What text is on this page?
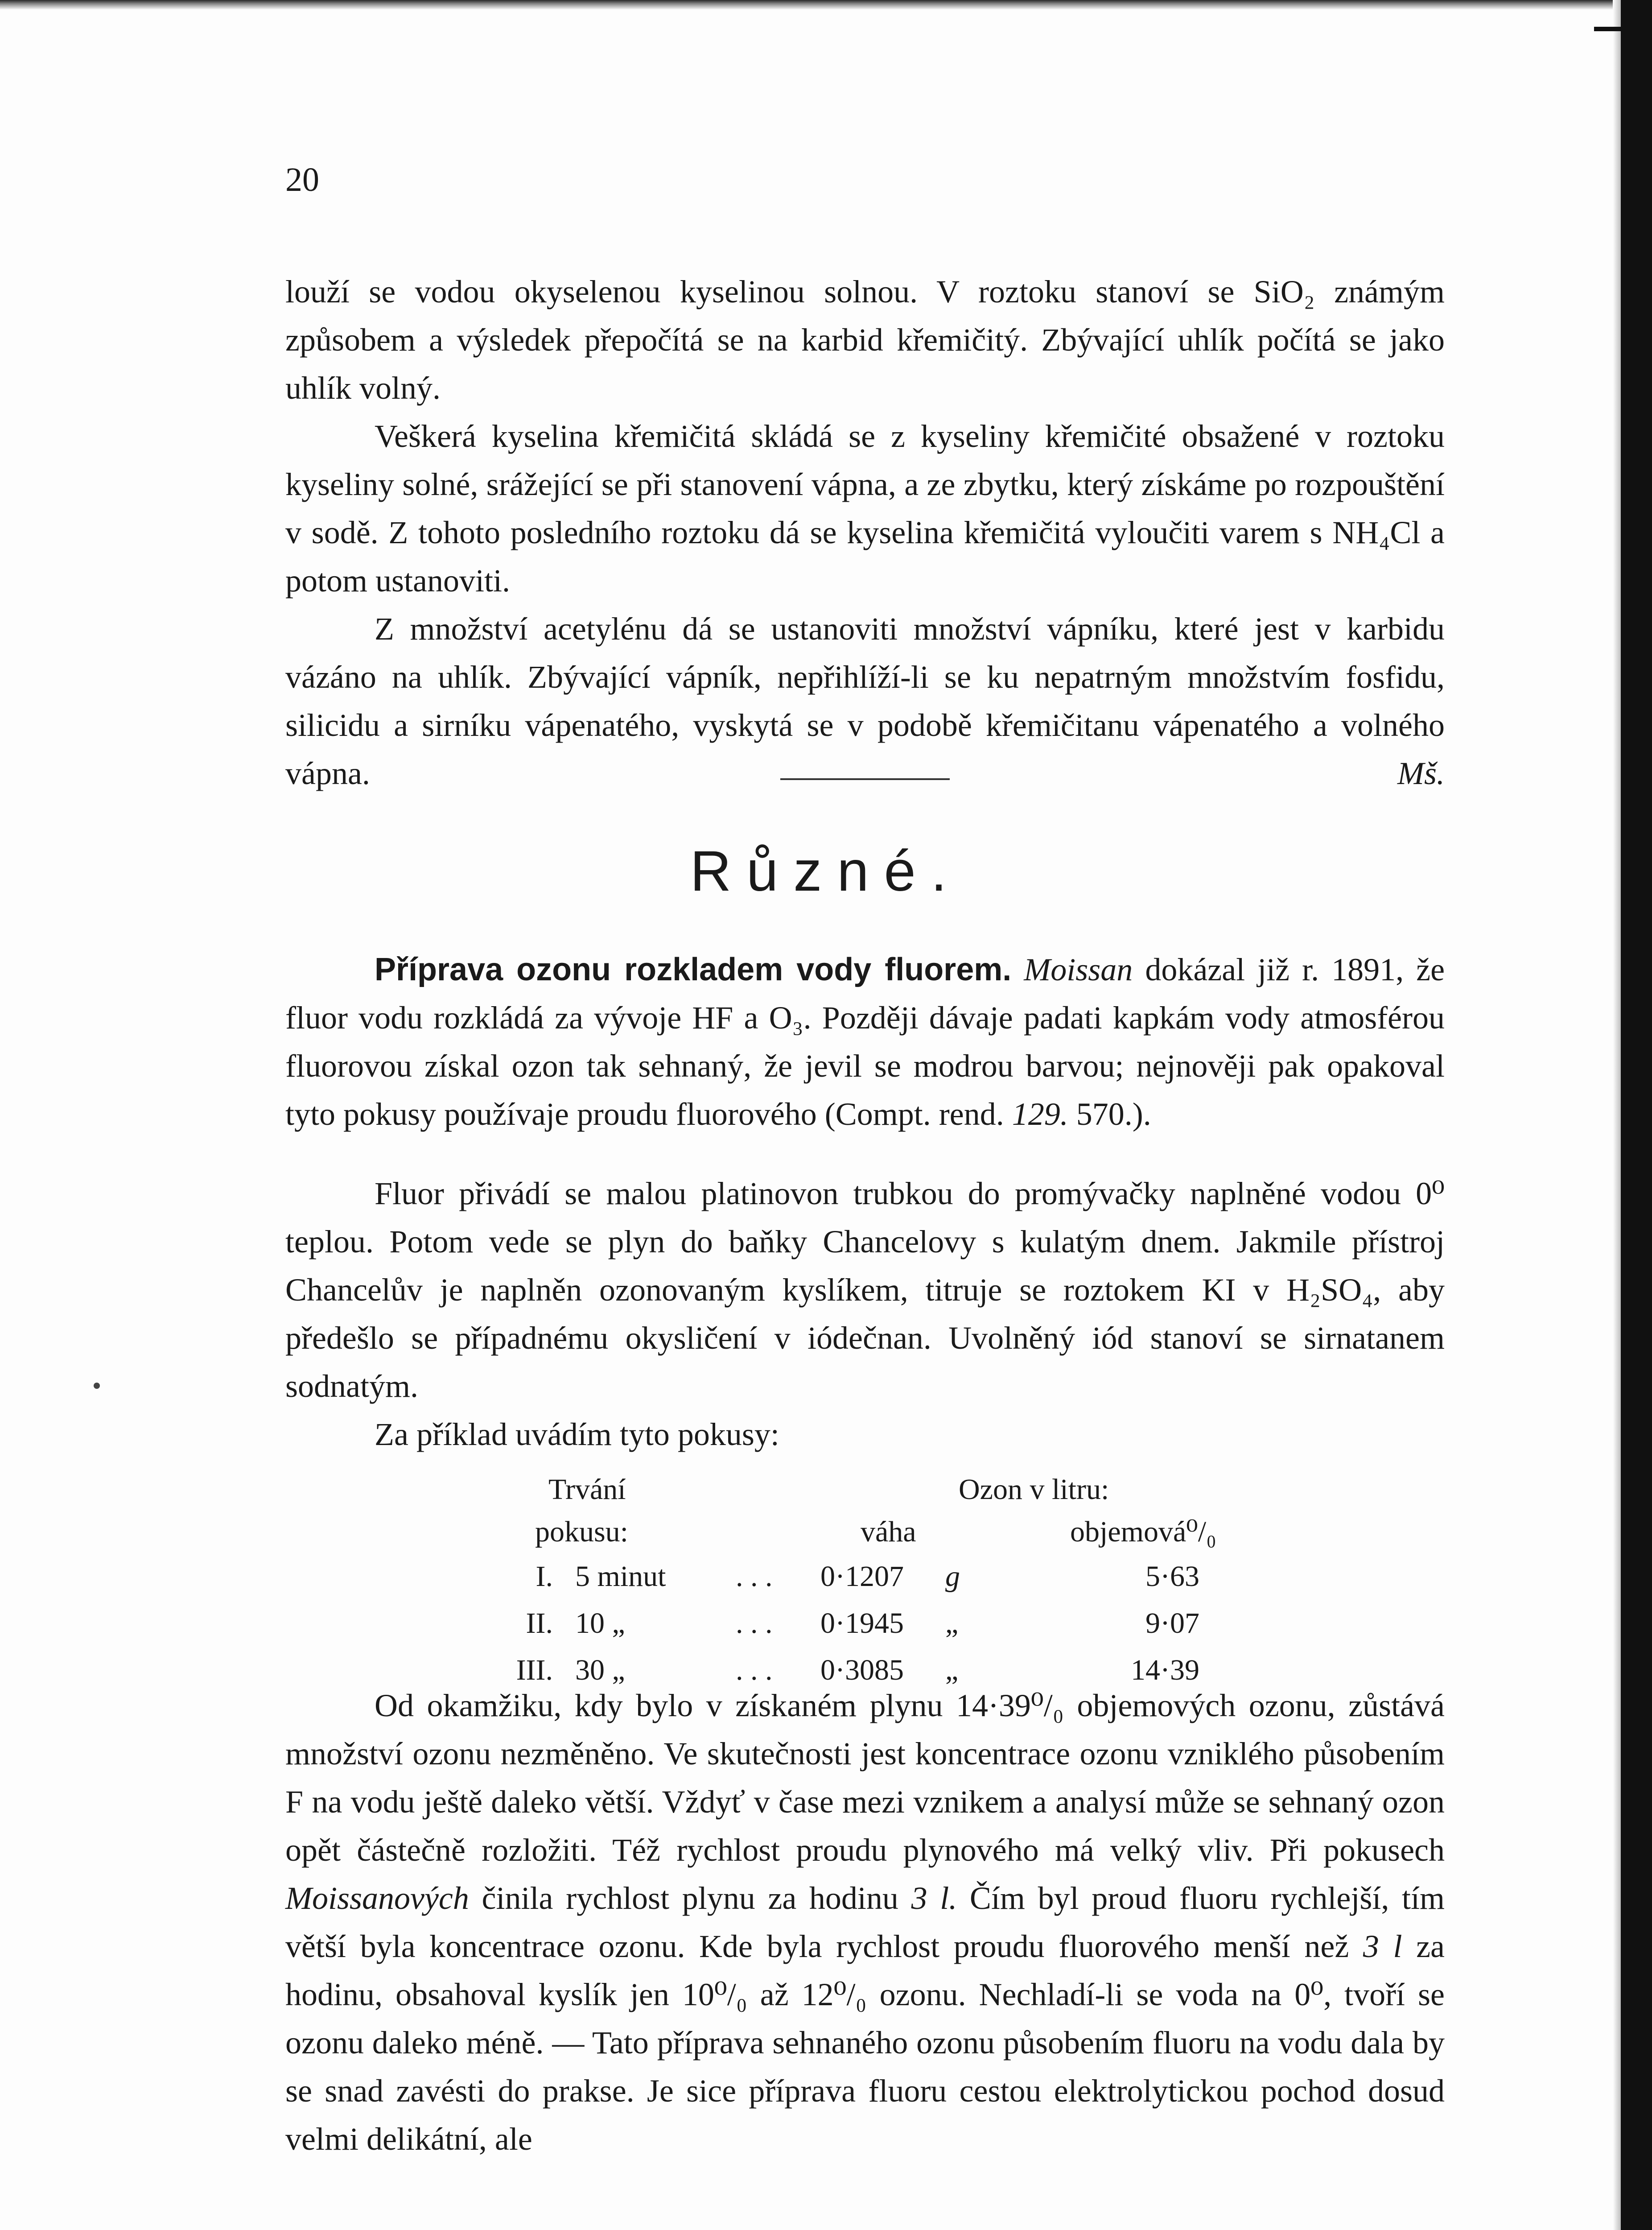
20

louží se vodou okyselenou kyselinou solnou. V roztoku stanoví se SiO₂ známým způsobem a výsledek přepočítá se na karbid křemičitý. Zbývající uhlík počítá se jako uhlík volný.

Veškerá kyselina křemičitá skládá se z kyseliny křemičité obsažené v roztoku kyseliny solné, srážející se při stanovení vápna, a ze zbytku, který získáme po rozpouštění v sodě. Z tohoto posledního roztoku dá se kyselina křemičitá vyloučiti varem s NH₄Cl a potom ustanoviti.

Z množství acetylénu dá se ustanoviti množství vápníku, které jest v karbidu vázáno na uhlík. Zbývající vápník, nepřihlíží-li se ku nepatrným množstvím fosfidu, silicidu a sirníku vápenatého, vyskytá se v podobě křemičitanu vápenatého a volného vápna.	Mš.

Různé.

Příprava ozonu rozkladem vody fluorem. Moissan dokázal již r. 1891, že fluor vodu rozkládá za vývoje HF a O₃. Později dávaje padati kapkám vody atmosférou fluorovou získal ozon tak sehnaný, že jevil se modrou barvou; nejnověji pak opakoval tyto pokusy používaje proudu fluorového (Compt. rend. 129. 570.).

Fluor přivádí se malou platinovon trubkou do promývačky naplněné vodou 0⁰ teplou. Potom vede se plyn do baňky Chancelovy s kulatým dnem. Jakmile přístroj Chancelův je naplněn ozonovaným kyslíkem, titruje se roztokem KI v H₂SO₄, aby předešlo se případnému okysličení v iódečnan. Uvolněný iód stanoví se sirnatanem sodnatým.

Za příklad uvádím tyto pokusy:

Trvání	Ozon v litru:
pokusu:	váha	objemová⁰/₀
I. 5 minut . . . 0·1207 g	5·63
II. 10 „	. . . 0·1945 „	9·07
III. 30 „	. . . 0·3085 „	14·39

Od okamžiku, kdy bylo v získaném plynu 14·39⁰/₀ objemových ozonu, zůstává množství ozonu nezměněno. Ve skutečnosti jest koncentrace ozonu vzniklého působením F na vodu ještě daleko větší. Vždyť v čase mezi vznikem a analysí může se sehnaný ozon opět částečně rozložiti. Též rychlost proudu plynového má velký vliv. Při pokusech Moissanových činila rychlost plynu za hodinu 3 l. Čím byl proud fluoru rychlejší, tím větší byla koncentrace ozonu. Kde byla rychlost proudu fluorového menší než 3 l za hodinu, obsahoval kyslík jen 10⁰/₀ až 12⁰/₀ ozonu. Nechladí-li se voda na 0⁰, tvoří se ozonu daleko méně. — Tato příprava sehnaného ozonu působením fluoru na vodu dala by se snad zavésti do prakse. Je sice příprava fluoru cestou elektrolytickou pochod dosud velmi delikátní, ale
